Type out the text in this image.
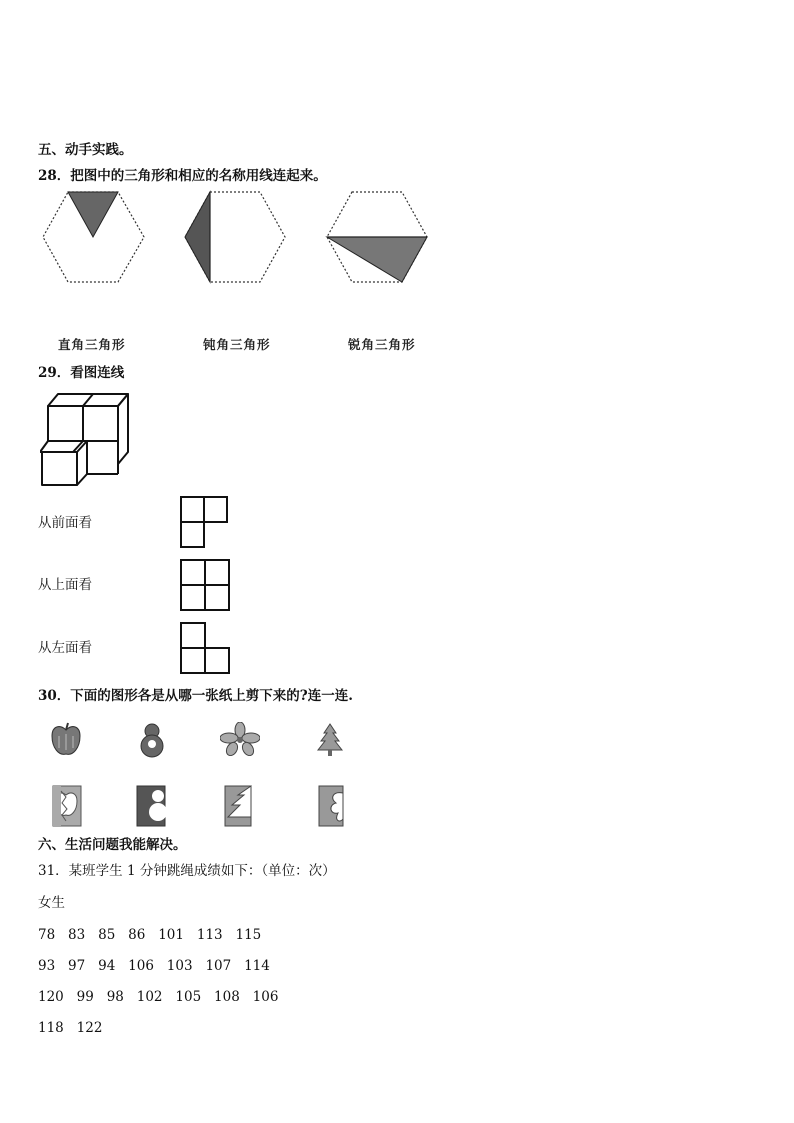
五、动手实践。
28．把图中的三角形和相应的名称用线连起来。
直角三角形	钝角三角形	锐角三角形
29．看图连线
从前面看
从上面看
从左面看
30．下面的图形各是从哪一张纸上剪下来的?连一连.
六、生活问题我能解决。
31．某班学生 1 分钟跳绳成绩如下：（单位：次）
女生
78   83   85   86   101   113   115
93   97   94   106   103   107   114
120   99   98   102   105   108   106
118   122
